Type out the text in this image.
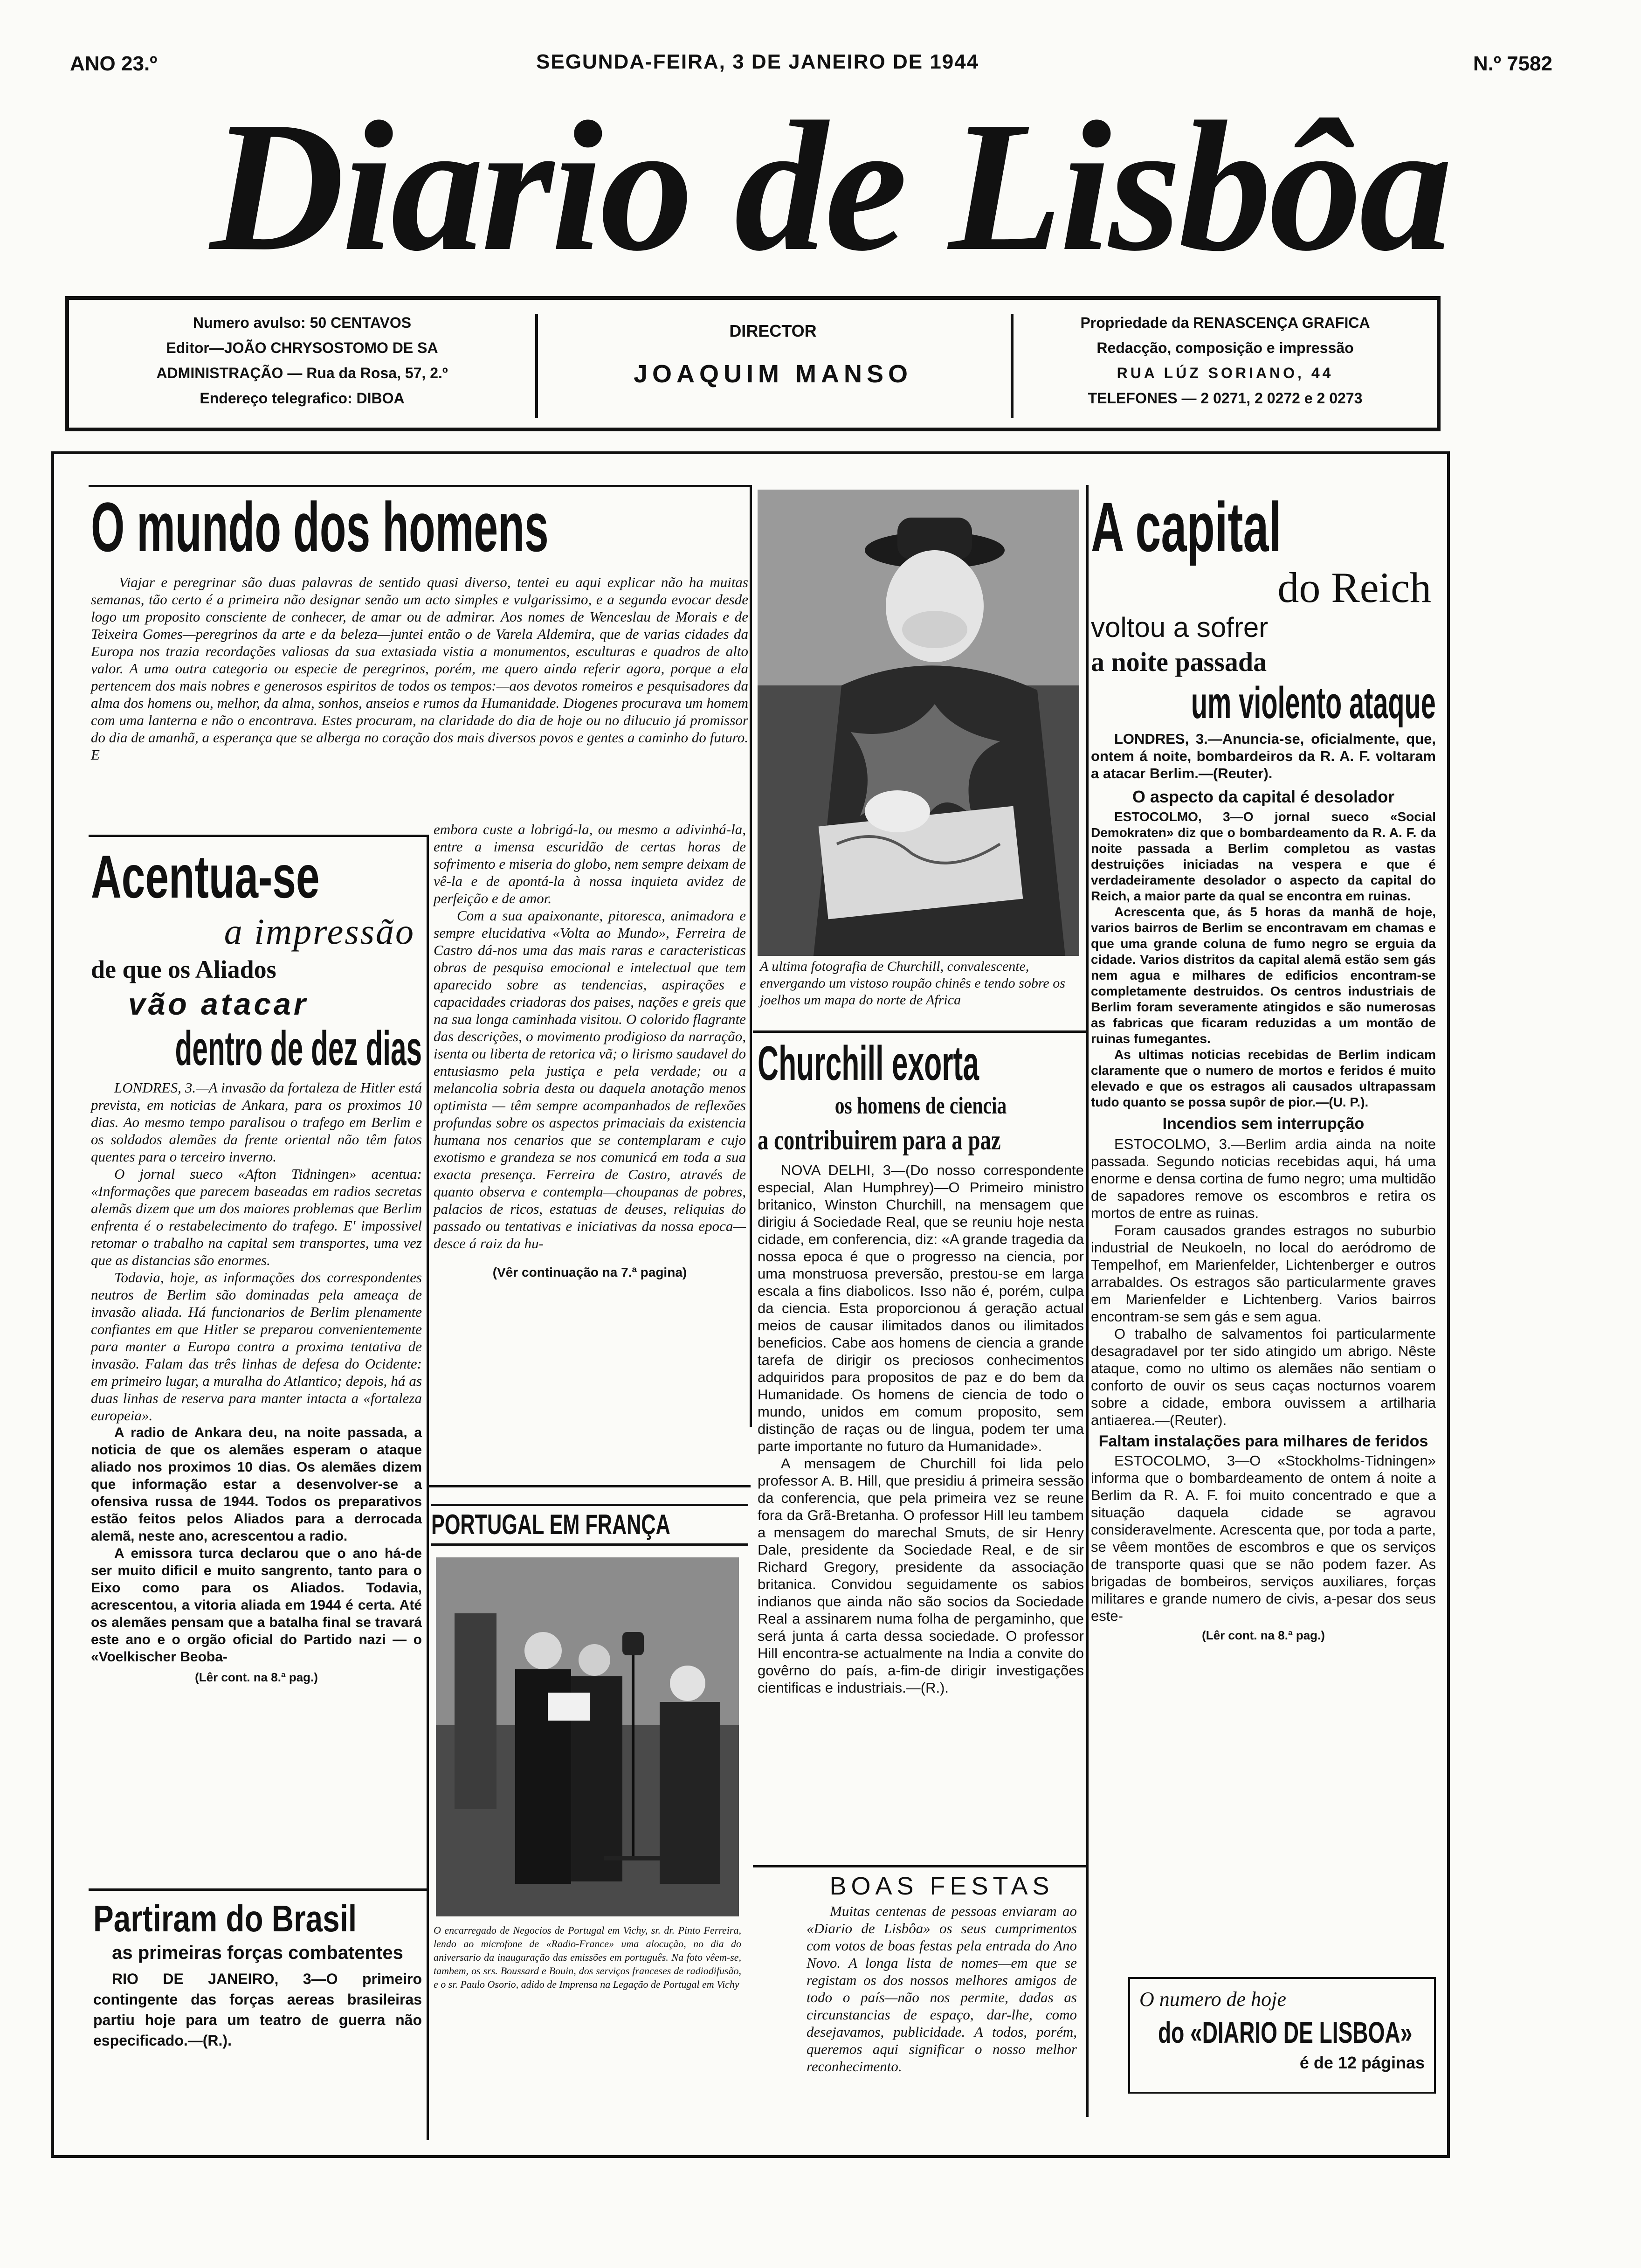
ANO 23.º	SEGUNDA-FEIRA, 3 DE JANEIRO DE 1944	N.º 7582
Diario de Lisbôa
Numero avulso: 50 CENTAVOS
Editor—JOÃO CHRYSOSTOMO DE SA
ADMINISTRAÇÃO — Rua da Rosa, 57, 2.º
Endereço telegrafico: DIBOA
DIRECTOR
JOAQUIM MANSO
Propriedade da RENASCENÇA GRAFICA
Redacção, composição e impressão
RUA LÚZ SORIANO, 44
TELEFONES — 2 0271, 2 0272 e 2 0273
O mundo dos homens
Viajar e peregrinar são duas palavras de sentido quasi diverso, tentei eu aqui explicar não ha muitas semanas, tão certo é a primeira não designar senão um acto simples e vulgarissimo, e a segunda evocar desde logo um proposito consciente de conhecer, de amar ou de admirar. Aos nomes de Wenceslau de Morais e de Teixeira Gomes—peregrinos da arte e da beleza—juntei então o de Varela Aldemira, que de varias cidades da Europa nos trazia recordações valiosas da sua extasiada vistia a monumentos, esculturas e quadros de alto valor. A uma outra categoria ou especie de peregrinos, porém, me quero ainda referir agora, porque a ela pertencem dos mais nobres e generosos espiritos de todos os tempos:—aos devotos romeiros e pesquisadores da alma dos homens ou, melhor, da alma, sonhos, anseios e rumos da Humanidade. Diogenes procurava um homem com uma lanterna e não o encontrava. Estes procuram, na claridade do dia de hoje ou no dilucuio já promissor do dia de amanhã, a esperança que se alberga no coração dos mais diversos povos e gentes a caminho do futuro. E
embora custe a lobrigá-la, ou mesmo a adivinhá-la, entre a imensa escuridão de certas horas de sofrimento e miseria do globo, nem sempre deixam de vê-la e de apontá-la à nossa inquieta avidez de perfeição e de amor.
Com a sua apaixonante, pitoresca, animadora e sempre elucidativa «Volta ao Mundo», Ferreira de Castro dá-nos uma das mais raras e caracteristicas obras de pesquisa emocional e intelectual que tem aparecido sobre as tendencias, aspirações e capacidades criadoras dos paises, nações e greis que na sua longa caminhada visitou. O colorido flagrante das descrições, o movimento prodigioso da narração, isenta ou liberta de retorica vã; o lirismo saudavel do entusiasmo pela justiça e pela verdade; ou a melancolia sobria desta ou daquela anotação menos optimista — têm sempre acompanhados de reflexões profundas sobre os aspectos primaciais da existencia humana nos cenarios que se contemplaram e cujo exotismo e grandeza se nos comunicá em toda a sua exacta presença. Ferreira de Castro, através de quanto observa e contempla—choupanas de pobres, palacios de ricos, estatuas de deuses, reliquias do passado ou tentativas e iniciativas da nossa epoca—desce á raiz da hu-
(Vêr continuação na 7.ª pagina)
Acentua-se
a impressão
de que os Aliados
vão atacar
dentro de dez dias
LONDRES, 3.—A invasão da fortaleza de Hitler está prevista, em noticias de Ankara, para os proximos 10 dias. Ao mesmo tempo paralisou o trafego em Berlim e os soldados alemães da frente oriental não têm fatos quentes para o terceiro inverno.
O jornal sueco «Afton Tidningen» acentua: «Informações que parecem baseadas em radios secretas alemãs dizem que um dos maiores problemas que Berlim enfrenta é o restabelecimento do trafego. E' impossivel retomar o trabalho na capital sem transportes, uma vez que as distancias são enormes.
Todavia, hoje, as informações dos correspondentes neutros de Berlim são dominadas pela ameaça de invasão aliada. Há funcionarios de Berlim plenamente confiantes em que Hitler se preparou convenientemente para manter a Europa contra a proxima tentativa de invasão. Falam das três linhas de defesa do Ocidente: em primeiro lugar, a muralha do Atlantico; depois, há as duas linhas de reserva para manter intacta a «fortaleza europeia».
A radio de Ankara deu, na noite passada, a noticia de que os alemães esperam o ataque aliado nos proximos 10 dias. Os alemães dizem que informação estar a desenvolver-se a ofensiva russa de 1944. Todos os preparativos estão feitos pelos Aliados para a derrocada alemã, neste ano, acrescentou a radio.
A emissora turca declarou que o ano há-de ser muito dificil e muito sangrento, tanto para o Eixo como para os Aliados. Todavia, acrescentou, a vitoria aliada em 1944 é certa. Até os alemães pensam que a batalha final se travará este ano e o orgão oficial do Partido nazi — o «Voelkischer Beoba-
(Lêr cont. na 8.ª pag.)
Partiram do Brasil
as primeiras forças combatentes
RIO DE JANEIRO, 3—O primeiro contingente das forças aereas brasileiras partiu hoje para um teatro de guerra não especificado.—(R.).
A ultima fotografia de Churchill, convalescente, envergando um vistoso roupão chinês e tendo sobre os joelhos um mapa do norte de Africa
Churchill exorta
os homens de ciencia
a contribuirem para a paz
NOVA DELHI, 3—(Do nosso correspondente especial, Alan Humphrey)—O Primeiro ministro britanico, Winston Churchill, na mensagem que dirigiu á Sociedade Real, que se reuniu hoje nesta cidade, em conferencia, diz: «A grande tragedia da nossa epoca é que o progresso na ciencia, por uma monstruosa preversão, prestou-se em larga escala a fins diabolicos. Isso não é, porém, culpa da ciencia. Esta proporcionou á geração actual meios de causar ilimitados danos ou ilimitados beneficios. Cabe aos homens de ciencia a grande tarefa de dirigir os preciosos conhecimentos adquiridos para propositos de paz e do bem da Humanidade. Os homens de ciencia de todo o mundo, unidos em comum proposito, sem distinção de raças ou de lingua, podem ter uma parte importante no futuro da Humanidade».
A mensagem de Churchill foi lida pelo professor A. B. Hill, que presidiu á primeira sessão da conferencia, que pela primeira vez se reune fora da Grã-Bretanha. O professor Hill leu tambem a mensagem do marechal Smuts, de sir Henry Dale, presidente da Sociedade Real, e de sir Richard Gregory, presidente da associação britanica. Convidou seguidamente os sabios indianos que ainda não são socios da Sociedade Real a assinarem numa folha de pergaminho, que será junta á carta dessa sociedade. O professor Hill encontra-se actualmente na India a convite do govêrno do país, a-fim-de dirigir investigações cientificas e industriais.—(R.).
BOAS FESTAS
Muitas centenas de pessoas enviaram ao «Diario de Lisbôa» os seus cumprimentos com votos de boas festas pela entrada do Ano Novo. A longa lista de nomes—em que se registam os dos nossos melhores amigos de todo o país—não nos permite, dadas as circunstancias de espaço, dar-lhe, como desejavamos, publicidade. A todos, porém, queremos aqui significar o nosso melhor reconhecimento.
PORTUGAL EM FRANÇA
O encarregado de Negocios de Portugal em Vichy, sr. dr. Pinto Ferreira, lendo ao microfone de «Radio-France» uma alocução, no dia do aniversario da inauguração das emissões em português. Na foto vêem-se, tambem, os srs. Boussard e Bouin, dos serviços franceses de radiodifusão, e o sr. Paulo Osorio, adido de Imprensa na Legação de Portugal em Vichy
A capital
do Reich
voltou a sofrer
a noite passada
um violento ataque
LONDRES, 3.—Anuncia-se, oficialmente, que, ontem á noite, bombardeiros da R. A. F. voltaram a atacar Berlim.—(Reuter).
O aspecto da capital é desolador
ESTOCOLMO, 3—O jornal sueco «Social Demokraten» diz que o bombardeamento da R. A. F. da noite passada a Berlim completou as vastas destruições iniciadas na vespera e que é verdadeiramente desolador o aspecto da capital do Reich, a maior parte da qual se encontra em ruinas.
Acrescenta que, ás 5 horas da manhã de hoje, varios bairros de Berlim se encontravam em chamas e que uma grande coluna de fumo negro se erguia da cidade. Varios distritos da capital alemã estão sem gás nem agua e milhares de edificios encontram-se completamente destruidos. Os centros industriais de Berlim foram severamente atingidos e são numerosas as fabricas que ficaram reduzidas a um montão de ruinas fumegantes.
As ultimas noticias recebidas de Berlim indicam claramente que o numero de mortos e feridos é muito elevado e que os estragos ali causados ultrapassam tudo quanto se possa supôr de pior.—(U. P.).
Incendios sem interrupção
ESTOCOLMO, 3.—Berlim ardia ainda na noite passada. Segundo noticias recebidas aqui, há uma enorme e densa cortina de fumo negro; uma multidão de sapadores remove os escombros e retira os mortos de entre as ruinas.
Foram causados grandes estragos no suburbio industrial de Neukoeln, no local do aeródromo de Tempelhof, em Marienfelder, Lichtenberger e outros arrabaldes. Os estragos são particularmente graves em Marienfelder e Lichtenberg. Varios bairros encontram-se sem gás e sem agua.
O trabalho de salvamentos foi particularmente desagradavel por ter sido atingido um abrigo. Nêste ataque, como no ultimo os alemães não sentiam o conforto de ouvir os seus caças nocturnos voarem sobre a cidade, embora ouvissem a artilharia antiaerea.—(Reuter).
Faltam instalações para milhares de feridos
ESTOCOLMO, 3—O «Stockholms-Tidningen» informa que o bombardeamento de ontem á noite a Berlim da R. A. F. foi muito concentrado e que a situação daquela cidade se agravou consideravelmente. Acrescenta que, por toda a parte, se vêem montões de escombros e que os serviços de transporte quasi que se não podem fazer. As brigadas de bombeiros, serviços auxiliares, forças militares e grande numero de civis, a-pesar dos seus este-
(Lêr cont. na 8.ª pag.)
O numero de hoje
do «DIARIO DE LISBOA»
é de 12 páginas
